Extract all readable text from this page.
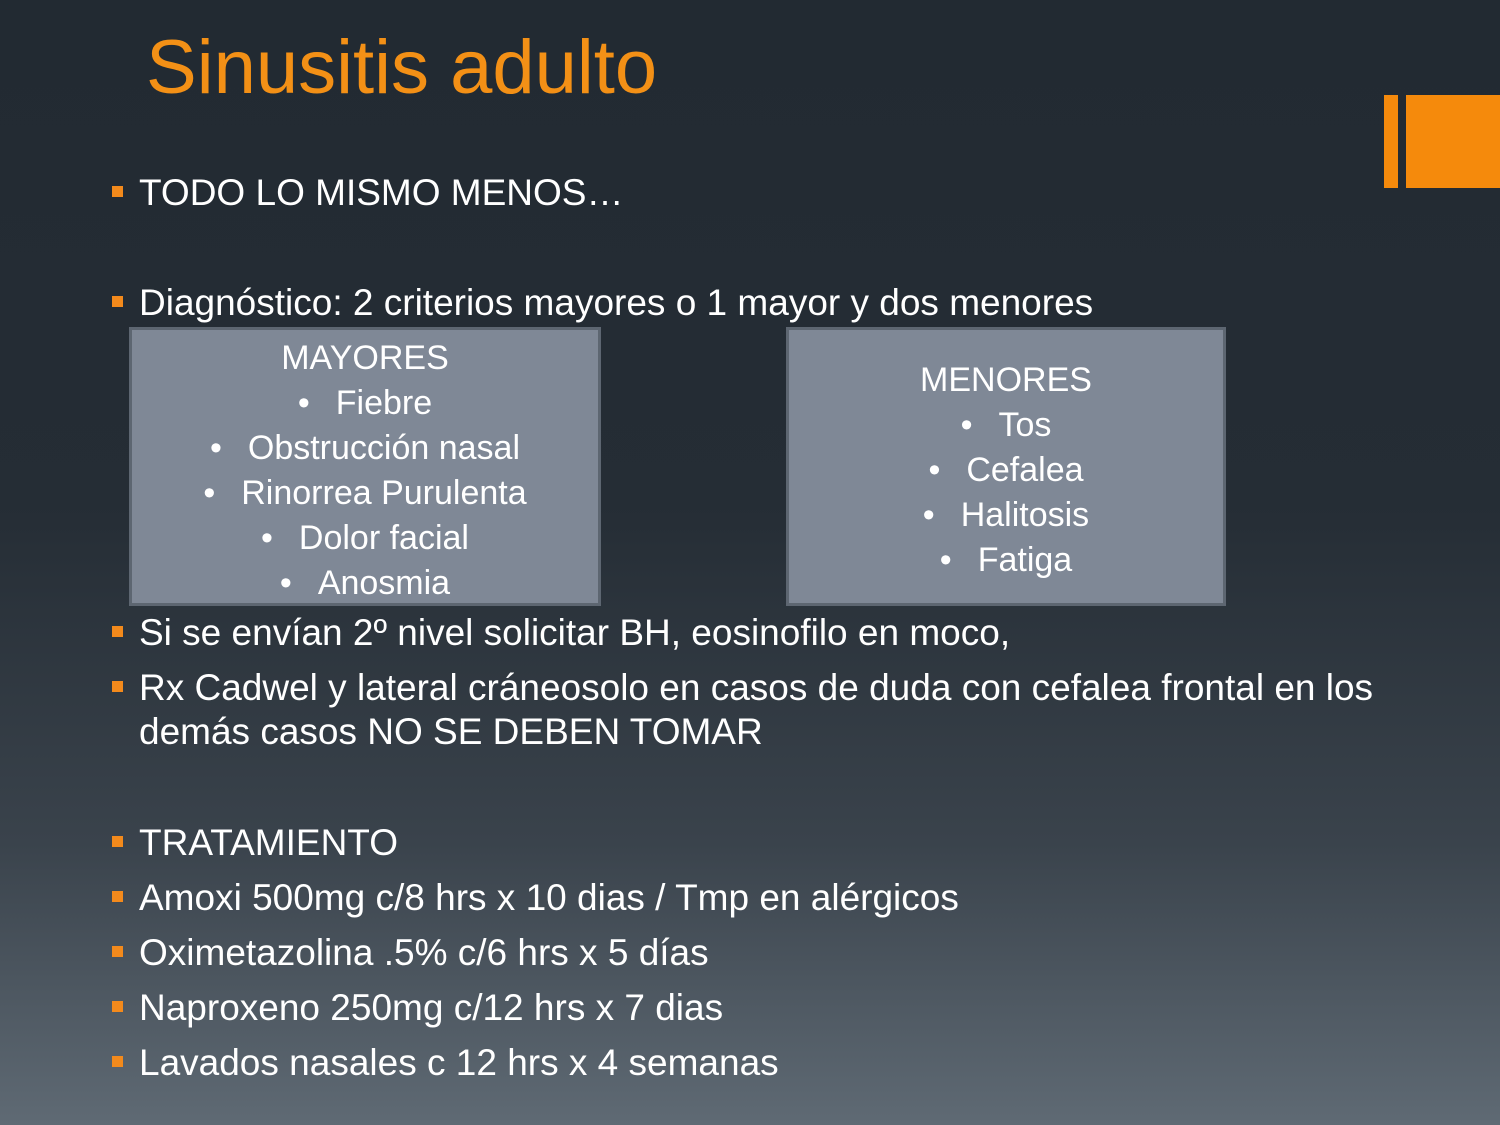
Sinusitis adulto
TODO LO MISMO MENOS…
Diagnóstico: 2 criterios mayores o 1 mayor y dos menores
MAYORES
• Fiebre
• Obstrucción nasal
• Rinorrea Purulenta
• Dolor facial
• Anosmia
MENORES
• Tos
• Cefalea
• Halitosis
• Fatiga
Si se envían 2º nivel solicitar BH, eosinofilo en moco,
Rx Cadwel y lateral cráneosolo en casos de duda con cefalea frontal en los demás casos NO SE DEBEN TOMAR
TRATAMIENTO
Amoxi 500mg c/8 hrs x 10 dias / Tmp en alérgicos
Oximetazolina .5% c/6 hrs x 5 días
Naproxeno 250mg c/12 hrs x 7 dias
Lavados nasales c 12 hrs x 4 semanas
